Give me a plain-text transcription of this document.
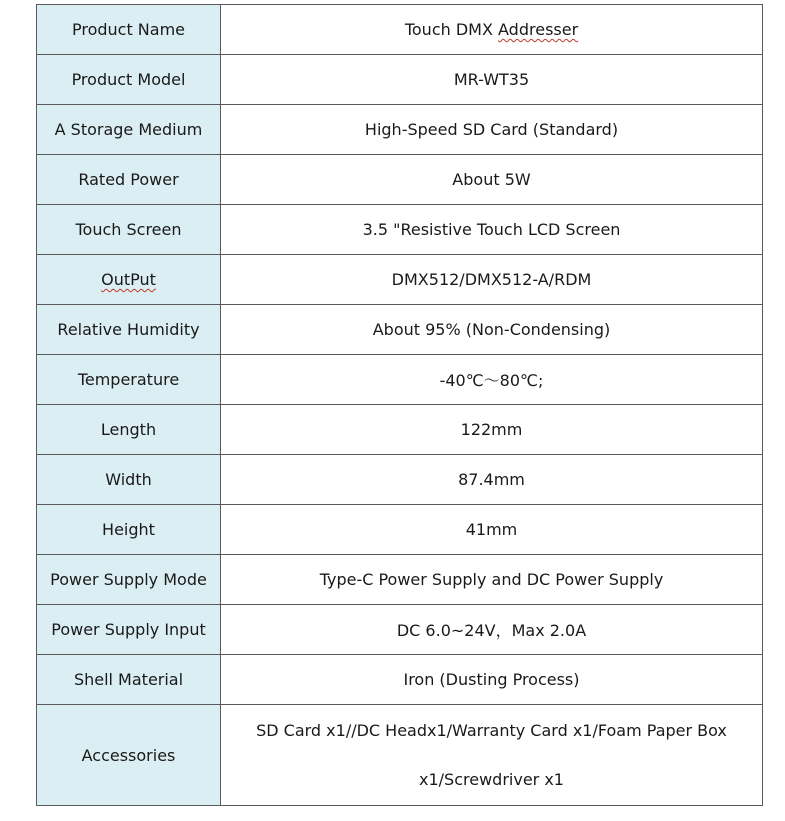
Product Name	Touch DMX Addresser
Product Model	MR-WT35
A Storage Medium	High-Speed SD Card (Standard)
Rated Power	About 5W
Touch Screen	3.5 "Resistive Touch LCD Screen
OutPut	DMX512/DMX512-A/RDM
Relative Humidity	About 95% (Non-Condensing)
Temperature	-40℃～80℃;
Length	122mm
Width	87.4mm
Height	41mm
Power Supply Mode	Type-C Power Supply and DC Power Supply
Power Supply Input	DC 6.0~24V，Max 2.0A
Shell Material	Iron (Dusting Process)
Accessories	SD Card x1//DC Headx1/Warranty Card x1/Foam Paper Box
x1/Screwdriver x1
